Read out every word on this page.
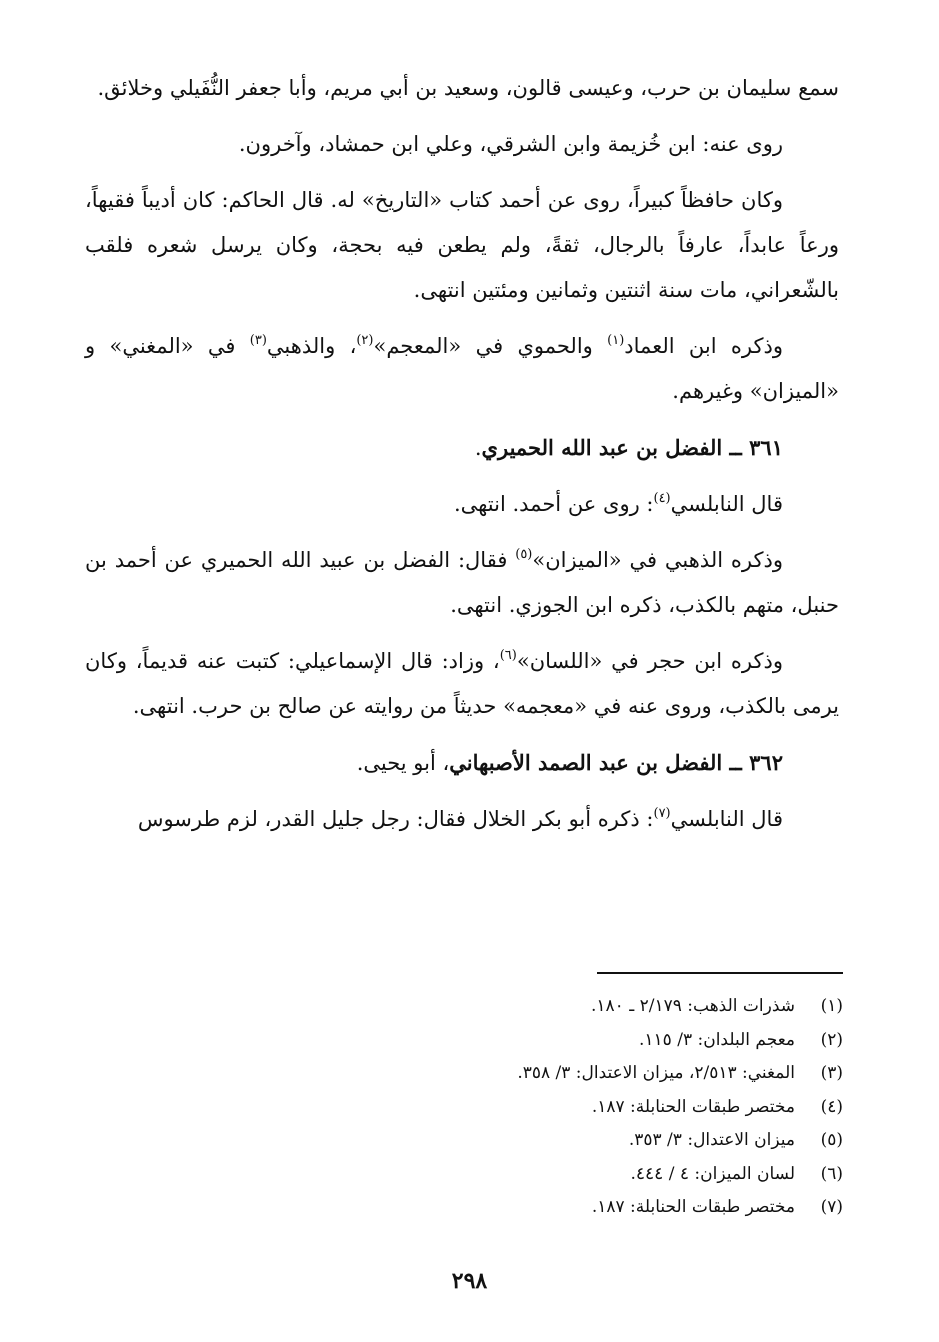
سمع سليمان بن حرب، وعيسى قالون، وسعيد بن أبي مريم، وأبا جعفر النُّفَيلي وخلائق.

روى عنه: ابن خُزيمة وابن الشرقي، وعلي ابن حمشاد، وآخرون.

وكان حافظاً كبيراً، روى عن أحمد كتاب «التاريخ» له. قال الحاكم: كان أديباً فقيهاً، ورعاً عابداً، عارفاً بالرجال، ثقةً، ولم يطعن فيه بحجة، وكان يرسل شعره فلقب بالشّعراني، مات سنة اثنتين وثمانين ومئتين انتهى.

وذكره ابن العماد$^{(١)}$ والحموي في «المعجم»$^{(٢)}$، والذهبي$^{(٣)}$ في «المغني» و «الميزان» وغيرهم.

٣٦١ ــ الفضل بن عبد الله الحميري.

قال النابلسي$^{(٤)}$: روى عن أحمد. انتهى.

وذكره الذهبي في «الميزان»$^{(٥)}$ فقال: الفضل بن عبيد الله الحميري عن أحمد بن حنبل، متهم بالكذب، ذكره ابن الجوزي. انتهى.

وذكره ابن حجر في «اللسان»$^{(٦)}$، وزاد: قال الإسماعيلي: كتبت عنه قديماً، وكان يرمى بالكذب، وروى عنه في «معجمه» حديثاً من روايته عن صالح بن حرب. انتهى.

٣٦٢ ــ الفضل بن عبد الصمد الأصبهاني، أبو يحيى.

قال النابلسي$^{(٧)}$: ذكره أبو بكر الخلال فقال: رجل جليل القدر، لزم طرسوس

(١)
شذرات الذهب: ٢/١٧٩ ـ ١٨٠.
(٢)
معجم البلدان: ٣/ ١١٥.
(٣)
المغني: ٢/٥١٣، ميزان الاعتدال: ٣/ ٣٥٨.
(٤)
مختصر طبقات الحنابلة: ١٨٧.
(٥)
ميزان الاعتدال: ٣/ ٣٥٣.
(٦)
لسان الميزان: ٤ / ٤٤٤.
(٧)
مختصر طبقات الحنابلة: ١٨٧.
٢٩٨
